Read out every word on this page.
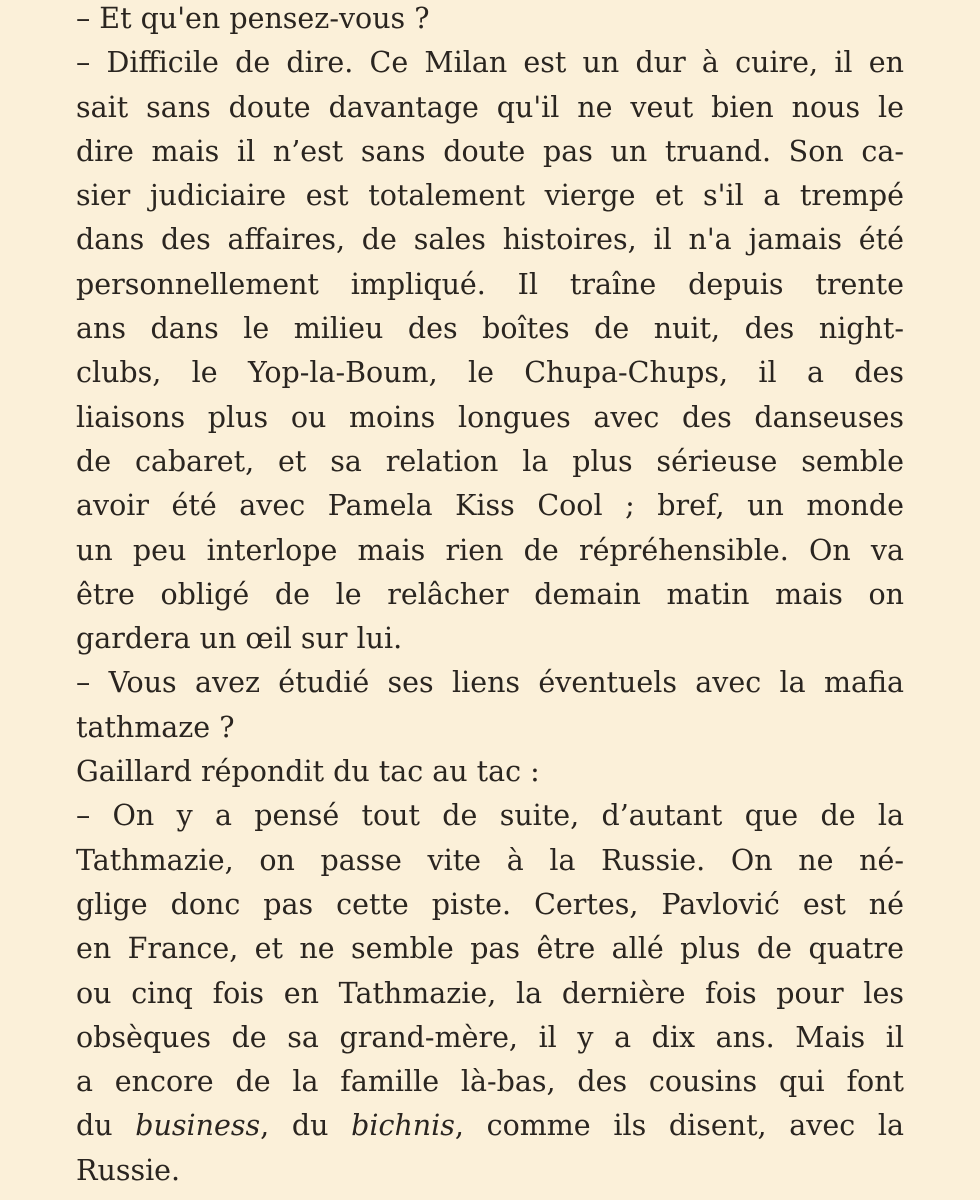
– Et qu'en pensez-vous ?
– Difficile de dire. Ce Milan est un dur à cuire, il en
sait sans doute davantage qu'il ne veut bien nous le
dire mais il n’est sans doute pas un truand. Son ca-
sier judiciaire est totalement vierge et s'il a trempé
dans des affaires, de sales histoires, il n'a jamais été
personnellement impliqué. Il traîne depuis trente
ans dans le milieu des boîtes de nuit, des night-
clubs, le Yop-la-Boum, le Chupa-Chups, il a des
liaisons plus ou moins longues avec des danseuses
de cabaret, et sa relation la plus sérieuse semble
avoir été avec Pamela Kiss Cool ; bref, un monde
un peu interlope mais rien de répréhensible. On va
être obligé de le relâcher demain matin mais on
gardera un œil sur lui.
– Vous avez étudié ses liens éventuels avec la mafia
tathmaze ?
Gaillard répondit du tac au tac :
– On y a pensé tout de suite, d’autant que de la
Tathmazie, on passe vite à la Russie. On ne né-
glige donc pas cette piste. Certes, Pavlović est né
en France, et ne semble pas être allé plus de quatre
ou cinq fois en Tathmazie, la dernière fois pour les
obsèques de sa grand-mère, il y a dix ans. Mais il
a encore de la famille là-bas, des cousins qui font
du business, du bichnis, comme ils disent, avec la
Russie.
